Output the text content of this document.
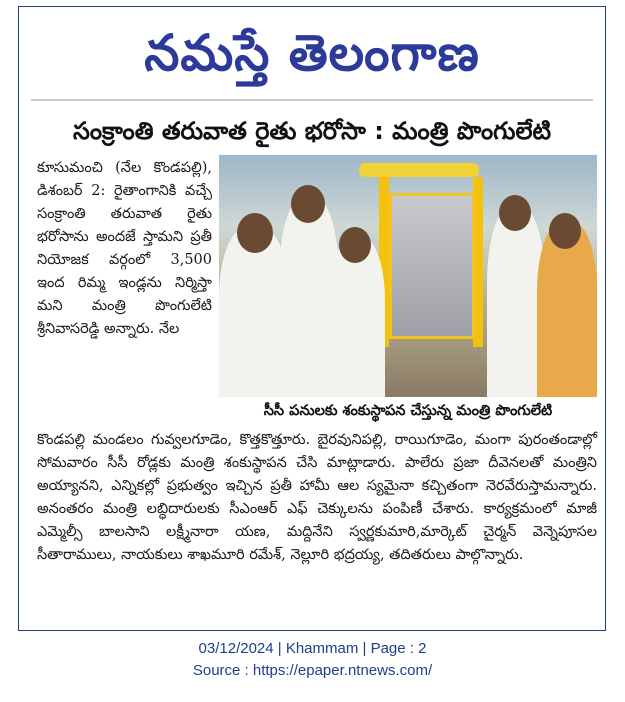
నమస్తే తెలంగాణ
సంక్రాంతి తరువాత రైతు భరోసా : మంత్రి పొంగులేటి
కూసుమంచి (నేల కొండపల్లి), డిశంబర్ 2: రైతాంగానికి వచ్చే సంక్రాంతి తరువాత రైతు భరోసాను అందజే స్తామని ప్రతీ నియోజక వర్గంలో 3,500 ఇంద రిమ్మ ఇండ్లను నిర్మిస్తా మని మంత్రి పొంగులేటి శ్రీనివాసరెడ్డి అన్నారు. నేల
సీసీ పనులకు శంకుస్థాపన చేస్తున్న మంత్రి పొంగులేటి
కొండపల్లి మండలం గువ్వలగూడెం, కొత్తకొత్తూరు. బైరవునిపల్లి, రాయిగూడెం, మంగా పురంతండాల్లో సోమవారం సీసీ రోడ్లకు మంత్రి శంకుస్థాపన చేసి మాట్లాడారు. పాలేరు ప్రజా దీవెనలతో మంత్రిని అయ్యానని, ఎన్నికల్లో ప్రభుత్వం ఇచ్చిన ప్రతీ హామీ ఆల స్యమైనా కచ్చితంగా నెరవేరుస్తామన్నారు. అనంతరం మంత్రి లబ్ధిదారులకు సీఎంఆర్ ఎఫ్ చెక్కులను పంపిణీ చేశారు. కార్యక్రమంలో మాజీ ఎమ్మెల్సీ బాలసాని లక్ష్మీనారా యణ, మద్దినేని స్వర్ణకుమారి,మార్కెట్ చైర్మన్ వెన్నెపూసల సీతారాములు, నాయకులు శాఖమూరి రమేశ్, నెల్లూరి భద్రయ్య, తదితరులు పాల్గొన్నారు.
03/12/2024 | Khammam | Page : 2
Source : https://epaper.ntnews.com/
